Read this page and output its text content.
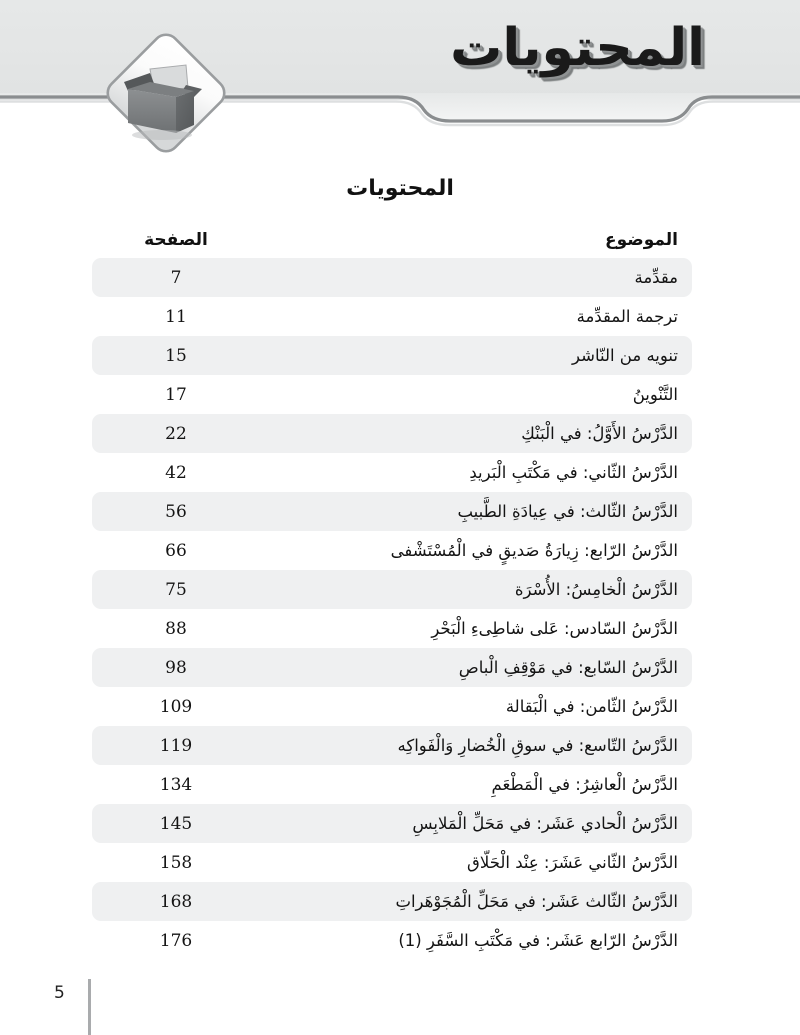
المحتويات
المحتويات
الموضوع
الصفحة
مقدِّمة
7
ترجمة المقدِّمة
11
تنويه من النّاشر
15
التَّنْوينُ
17
الدَّرْسُ الأَوَّلُ: في الْبَنْكِ
22
الدَّرْسُ الثّاني: في مَكْتَبِ الْبَريدِ
42
الدَّرْسُ الثّالث: في عِيادَةِ الطَّبيبِ
56
الدَّرْسُ الرّابع: زِيارَةُ صَديقٍ في الْمُسْتَشْفى
66
الدَّرْسُ الْخامِسُ: الأُسْرَة
75
الدَّرْسُ السّادس: عَلى شاطِىءِ الْبَحْرِ
88
الدَّرْسُ السّابع: في مَوْقِفِ الْباصِ
98
الدَّرْسُ الثّامن: في الْبَقالة
109
الدَّرْسُ التّاسع: في سوقِ الْخُضارِ وَالْفَواكِه
119
الدَّرْسُ الْعاشِرُ: في الْمَطْعَمِ
134
الدَّرْسُ الْحادي عَشَر: في مَحَلِّ الْمَلابِسِ
145
الدَّرْسُ الثّاني عَشَرَ: عِنْد الْحَلّاق
158
الدَّرْسُ الثّالث عَشَر: في مَحَلِّ الْمُجَوْهَراتِ
168
الدَّرْسُ الرّابع عَشَر: في مَكْتَبِ السَّفَرِ (1)
176
5
